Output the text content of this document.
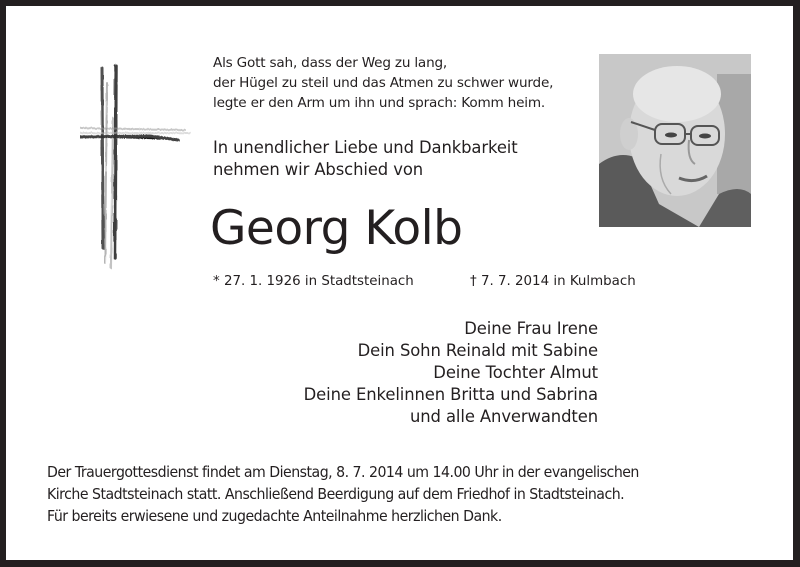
Als Gott sah, dass der Weg zu lang,
der Hügel zu steil und das Atmen zu schwer wurde,
legte er den Arm um ihn und sprach: Komm heim.
In unendlicher Liebe und Dankbarkeit
nehmen wir Abschied von
Georg Kolb
* 27. 1. 1926 in Stadtsteinach	† 7. 7. 2014 in Kulmbach
Deine Frau Irene
Dein Sohn Reinald mit Sabine
Deine Tochter Almut
Deine Enkelinnen Britta und Sabrina
und alle Anverwandten
Der Trauergottesdienst findet am Dienstag, 8. 7. 2014 um 14.00 Uhr in der evangelischen
Kirche Stadtsteinach statt. Anschließend Beerdigung auf dem Friedhof in Stadtsteinach.
Für bereits erwiesene und zugedachte Anteilnahme herzlichen Dank.
